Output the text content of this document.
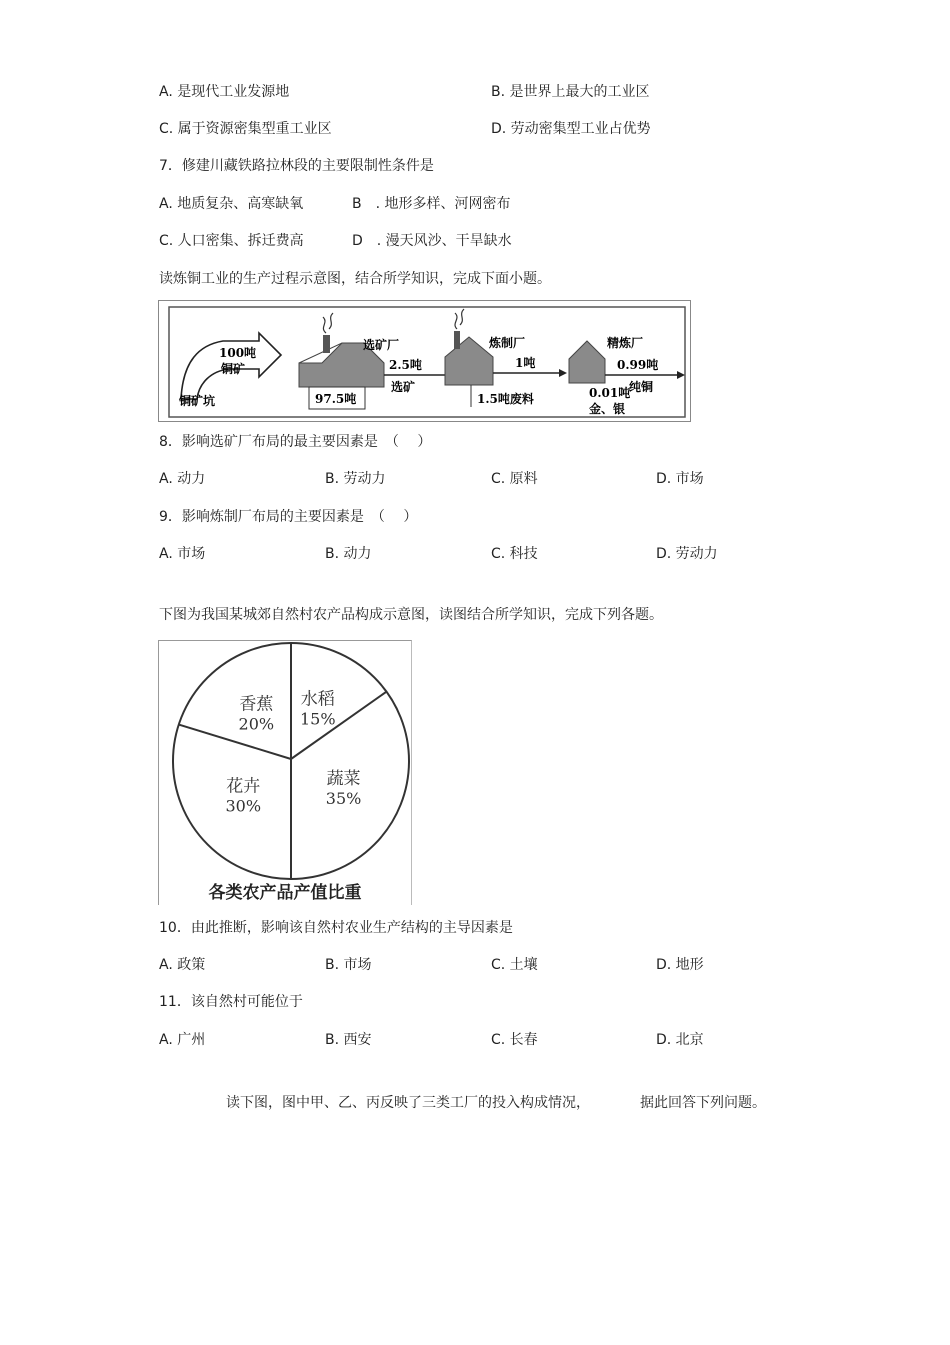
A. 是现代工业发源地	B. 是世界上最大的工业区
C. 属于资源密集型重工业区	D. 劳动密集型工业占优势
7．修建川藏铁路拉林段的主要限制性条件是
A. 地质复杂、高寒缺氧	B　. 地形多样、河网密布
C. 人口密集、拆迁费高	D　. 漫天风沙、干旱缺水
读炼铜工业的生产过程示意图，结合所学知识，完成下面小题。
100吨
铜矿
铜矿坑
选矿厂
97.5吨
2.5吨
选矿
炼制厂
1.5吨废料
1吨
精炼厂
0.99吨
纯铜
0.01吨
金、银
8．影响选矿厂布局的最主要因素是　（　 ）
A. 动力	B. 劳动力	C. 原料	D. 市场
9．影响炼制厂布局的主要因素是　（　 ）
A. 市场	B. 动力	C. 科技	D. 劳动力
下图为我国某城郊自然村农产品构成示意图，读图结合所学知识，完成下列各题。
水稻
15%
蔬菜
35%
花卉
30%
香蕉
20%
各类农产品产值比重
10．由此推断，影响该自然村农业生产结构的主导因素是
A. 政策	B. 市场	C. 土壤	D. 地形
11．该自然村可能位于
A. 广州	B. 西安	C. 长春	D. 北京
读下图，图中甲、乙、丙反映了三类工厂的投入构成情况，	据此回答下列问题。
